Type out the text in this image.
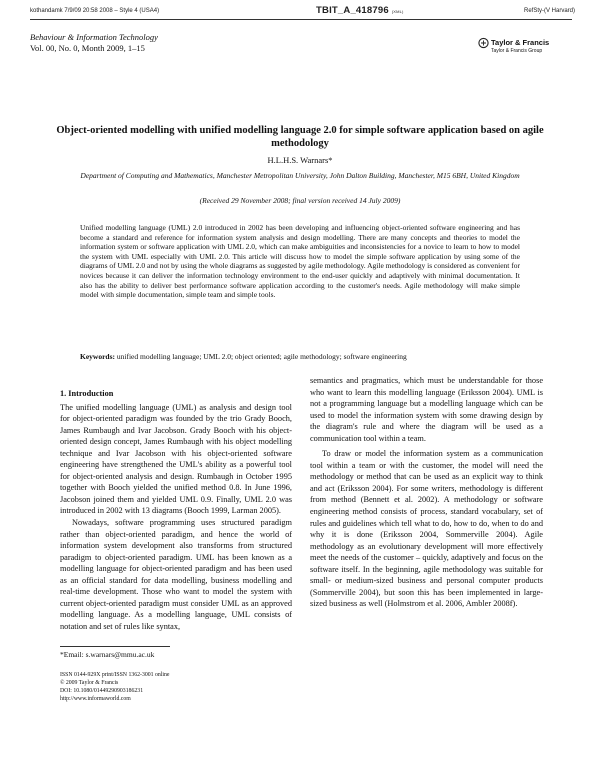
kothandamk 7/9/09 20:58 2008 – Style 4 (USA4)	TBIT_A_418796 (XML)	RefSty-(V Harvard)
Behaviour & Information Technology
Vol. 00, No. 0, Month 2009, 1–15
Taylor & Francis
Taylor & Francis Group
Object-oriented modelling with unified modelling language 2.0 for simple software application based on agile methodology
H.L.H.S. Warnars*
Department of Computing and Mathematics, Manchester Metropolitan University, John Dalton Building, Manchester, M15 6BH, United Kingdom
(Received 29 November 2008; final version received 14 July 2009)
Unified modelling language (UML) 2.0 introduced in 2002 has been developing and influencing object-oriented software engineering and has become a standard and reference for information system analysis and design modelling. There are many concepts and theories to model the information system or software application with UML 2.0, which can make ambiguities and inconsistencies for a novice to learn to how to model the system with UML especially with UML 2.0. This article will discuss how to model the simple software application by using some of the diagrams of UML 2.0 and not by using the whole diagrams as suggested by agile methodology. Agile methodology is considered as convenient for novices because it can deliver the information technology environment to the end-user quickly and adaptively with minimal documentation. It also has the ability to deliver best performance software application according to the customer's needs. Agile methodology will make simple model with simple documentation, simple team and simple tools.
Keywords: unified modelling language; UML 2.0; object oriented; agile methodology; software engineering
1. Introduction

The unified modelling language (UML) as analysis and design tool for object-oriented paradigm was founded by the trio Grady Booch, James Rumbaugh and Ivar Jacobson. Grady Booch with his object-oriented design concept, James Rumbaugh with his object modelling technique and Ivar Jacobson with his object-oriented software engineering have strengthened the UML's ability as a powerful tool for object-oriented analysis and design. Rumbaugh in October 1995 together with Booch yielded the unified method 0.8. In June 1996, Jacobson joined them and yielded UML 0.9. Finally, UML 2.0 was introduced in 2002 with 13 diagrams (Booch 1999, Larman 2005).

Nowadays, software programming uses structured paradigm rather than object-oriented paradigm, and hence the world of information system development also transforms from structured paradigm to object-oriented paradigm. UML has been known as a modelling language for object-oriented paradigm and has been used as an official standard for data modelling, business modelling and real-time development. Those who want to model the system with current object-oriented paradigm must consider UML as an approved modelling language. As a modelling language, UML consists of notation and set of rules like syntax,

semantics and pragmatics, which must be understandable for those who want to learn this modelling language (Eriksson 2004). UML is not a programming language but a modelling language which can be used to model the information system with some drawing design by the diagram's rule and where the diagram will be used as a communication tool within a team.

To draw or model the information system as a communication tool within a team or with the customer, the model will need the methodology or method that can be used as an explicit way to think and act (Eriksson 2004). For some writers, methodology is different from method (Bennett et al. 2002). A methodology or software engineering method consists of process, standard vocabulary, set of rules and guidelines which tell what to do, how to do, when to do and why it is done (Eriksson 2004, Sommerville 2004). Agile methodology as an evolutionary development will more effectively meet the needs of the customer – quickly, adaptively and focus on the software itself. In the beginning, agile methodology was suitable for small- or medium-sized business and personal computer products (Sommerville 2004), but soon this has been implemented in large-sized business as well (Holmstrom et al. 2006, Ambler 2008f).

*Email: s.warnars@mmu.ac.uk
ISSN 0144-929X print/ISSN 1362-3001 online
© 2009 Taylor & Francis
DOI: 10.1080/01449290903186231
http://www.informaworld.com
